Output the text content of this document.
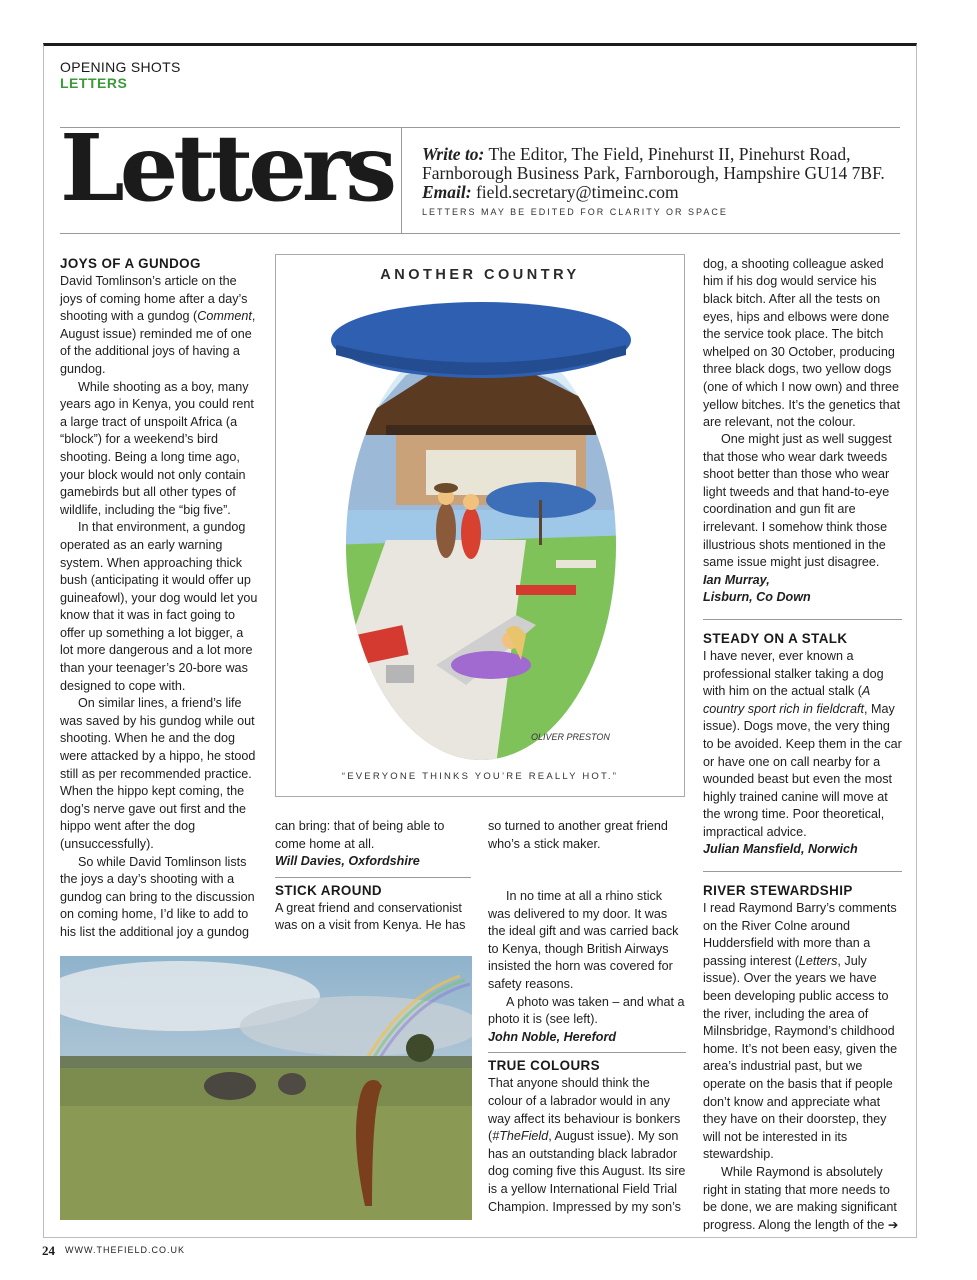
OPENING SHOTS
LETTERS
Letters Write to: The Editor, The Field, Pinehurst II, Pinehurst Road, Farnborough Business Park, Farnborough, Hampshire GU14 7BF.
Email: field.secretary@timeinc.com
LETTERS MAY BE EDITED FOR CLARITY OR SPACE
JOYS OF A GUNDOG

David Tomlinson’s article on the joys of coming home after a day’s shooting with a gundog (Comment, August issue) reminded me of one of the additional joys of having a gundog.

While shooting as a boy, many years ago in Kenya, you could rent a large tract of unspoilt Africa (a “block”) for a weekend’s bird shooting. Being a long time ago, your block would not only contain gamebirds but all other types of wildlife, including the “big five”.

In that environment, a gundog operated as an early warning system. When approaching thick bush (anticipating it would offer up guineafowl), your dog would let you know that it was in fact going to offer up something a lot bigger, a lot more dangerous and a lot more than your teenager’s 20-bore was designed to cope with.

On similar lines, a friend’s life was saved by his gundog while out shooting. When he and the dog were attacked by a hippo, he stood still as per recommended practice. When the hippo kept coming, the dog’s nerve gave out first and the hippo went after the dog (unsuccessfully).

So while David Tomlinson lists the joys a day’s shooting with a gundog can bring to the discussion on coming home, I’d like to add to his list the additional joy a gundog

ANOTHER COUNTRY
OLIVER PRESTON
“EVERYONE THINKS YOU’RE REALLY HOT.”

can bring: that of being able to come home at all.

Will Davies, Oxfordshire

STICK AROUND

A great friend and conservationist was on a visit from Kenya. He has

so turned to another great friend who’s a stick maker.

In no time at all a rhino stick was delivered to my door. It was the ideal gift and was carried back to Kenya, though British Airways insisted the horn was covered for safety reasons.

A photo was taken – and what a photo it is (see left).

John Noble, Hereford

TRUE COLOURS

That anyone should think the colour of a labrador would in any way affect its behaviour is bonkers (#TheField, August issue). My son has an outstanding black labrador dog coming five this August. Its sire is a yellow International Field Trial Champion. Impressed by my son’s

dog, a shooting colleague asked him if his dog would service his black bitch. After all the tests on eyes, hips and elbows were done the service took place. The bitch whelped on 30 October, producing three black dogs, two yellow dogs (one of which I now own) and three yellow bitches. It’s the genetics that are relevant, not the colour.

One might just as well suggest that those who wear dark tweeds shoot better than those who wear light tweeds and that hand-to-eye coordination and gun fit are irrelevant. I somehow think those illustrious shots mentioned in the same issue might just disagree.

Ian Murray,

Lisburn, Co Down

STEADY ON A STALK

I have never, ever known a professional stalker taking a dog with him on the actual stalk (A country sport rich in fieldcraft, May issue). Dogs move, the very thing to be avoided. Keep them in the car or have one on call nearby for a wounded beast but even the most highly trained canine will move at the wrong time. Poor theoretical, impractical advice.

Julian Mansfield, Norwich

RIVER STEWARDSHIP

I read Raymond Barry’s comments on the River Colne around Huddersfield with more than a passing interest (Letters, July issue). Over the years we have been developing public access to the river, including the area of Milnsbridge, Raymond’s childhood home. It’s not been easy, given the area’s industrial past, but we operate on the basis that if people don’t know and appreciate what they have on their doorstep, they will not be interested in its stewardship.

While Raymond is absolutely right in stating that more needs to be done, we are making significant progress. Along the length of the ➔

24 WWW.THEFIELD.CO.UK
